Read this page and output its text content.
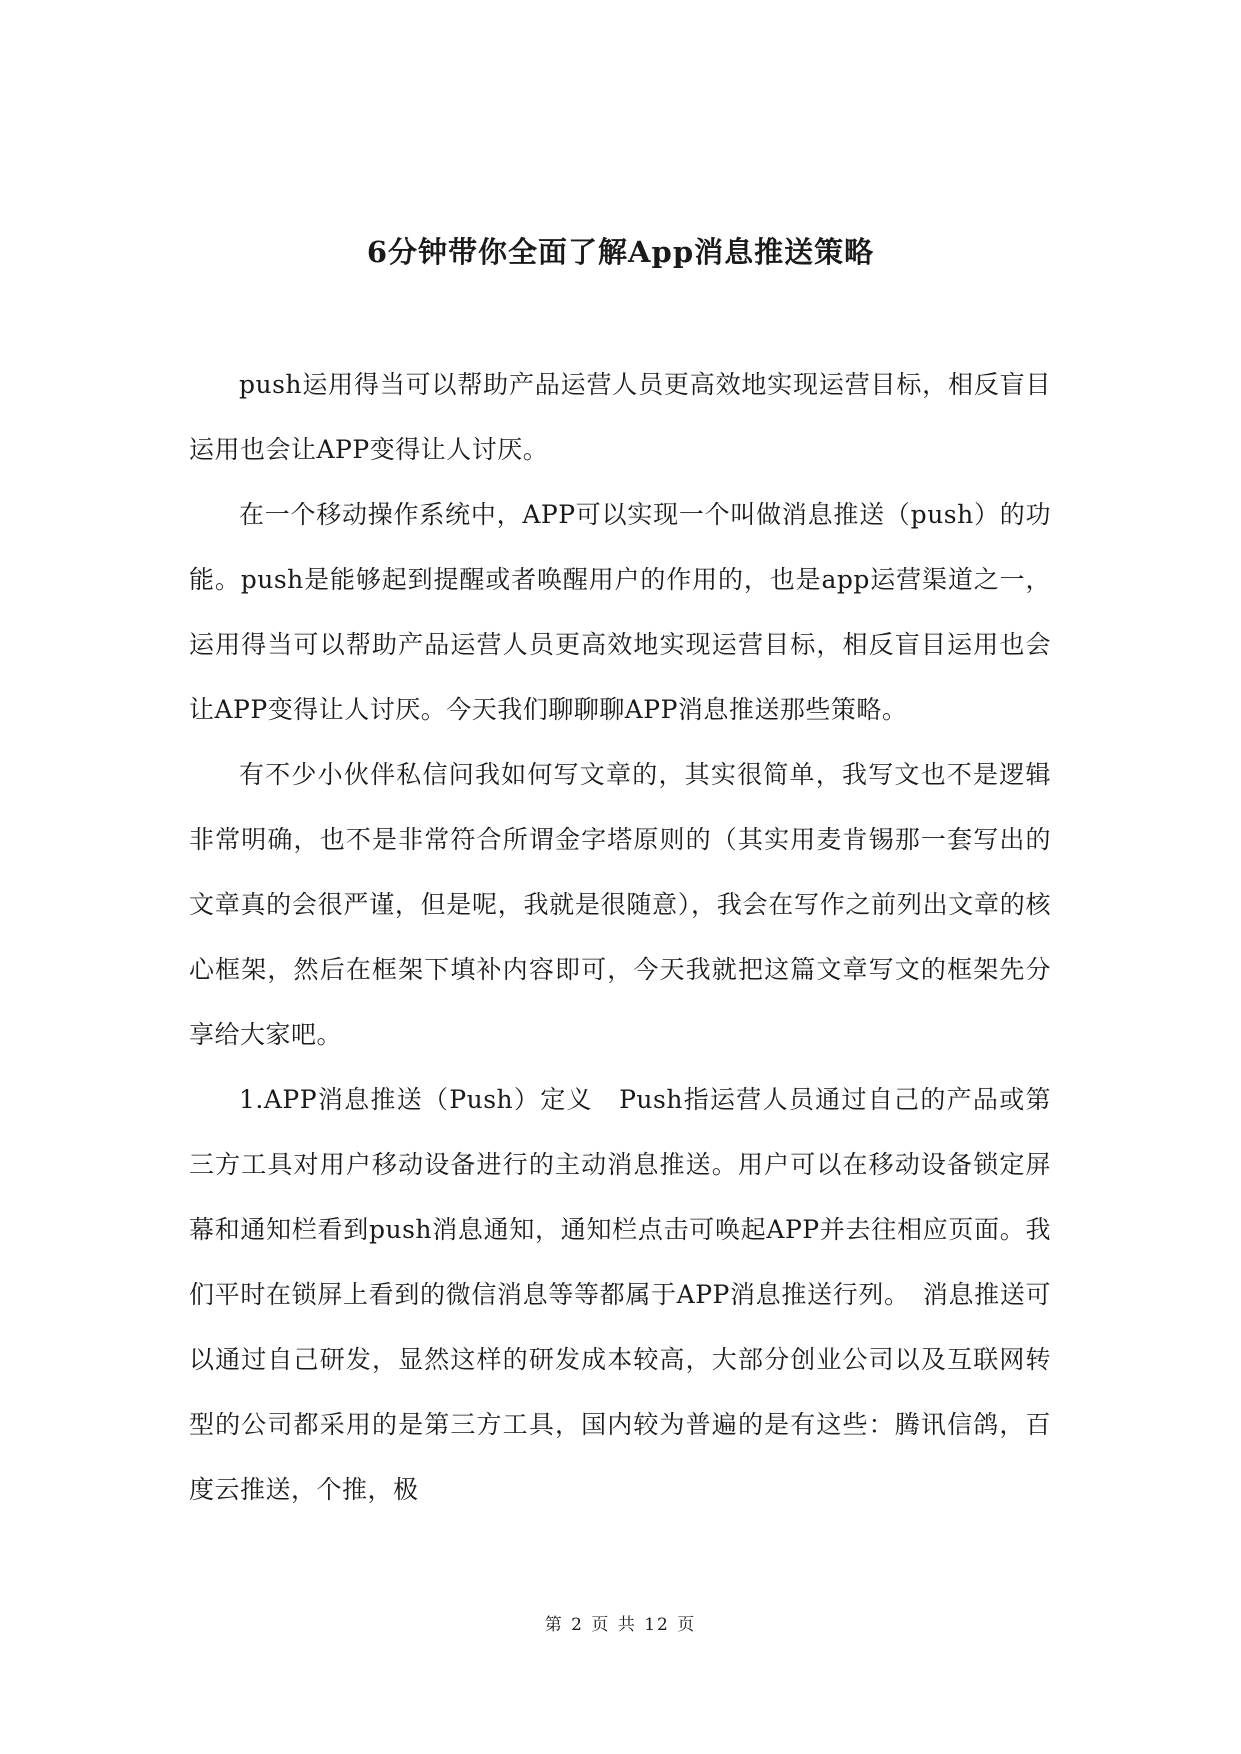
6分钟带你全面了解App消息推送策略

push运用得当可以帮助产品运营人员更高效地实现运营目标，相反盲目运用也会让APP变得让人讨厌。

在一个移动操作系统中，APP可以实现一个叫做消息推送（push）的功能。push是能够起到提醒或者唤醒用户的作用的，也是app运营渠道之一，运用得当可以帮助产品运营人员更高效地实现运营目标，相反盲目运用也会让APP变得让人讨厌。今天我们聊聊聊APP消息推送那些策略。

有不少小伙伴私信问我如何写文章的，其实很简单，我写文也不是逻辑非常明确，也不是非常符合所谓金字塔原则的（其实用麦肯锡那一套写出的文章真的会很严谨，但是呢，我就是很随意），我会在写作之前列出文章的核心框架，然后在框架下填补内容即可，今天我就把这篇文章写文的框架先分享给大家吧。

1.APP消息推送（Push）定义　Push指运营人员通过自己的产品或第三方工具对用户移动设备进行的主动消息推送。用户可以在移动设备锁定屏幕和通知栏看到push消息通知，通知栏点击可唤起APP并去往相应页面。我们平时在锁屏上看到的微信消息等等都属于APP消息推送行列。　消息推送可以通过自己研发，显然这样的研发成本较高，大部分创业公司以及互联网转型的公司都采用的是第三方工具，国内较为普遍的是有这些：腾讯信鸽，百度云推送，个推，极

第 2 页 共 12 页
